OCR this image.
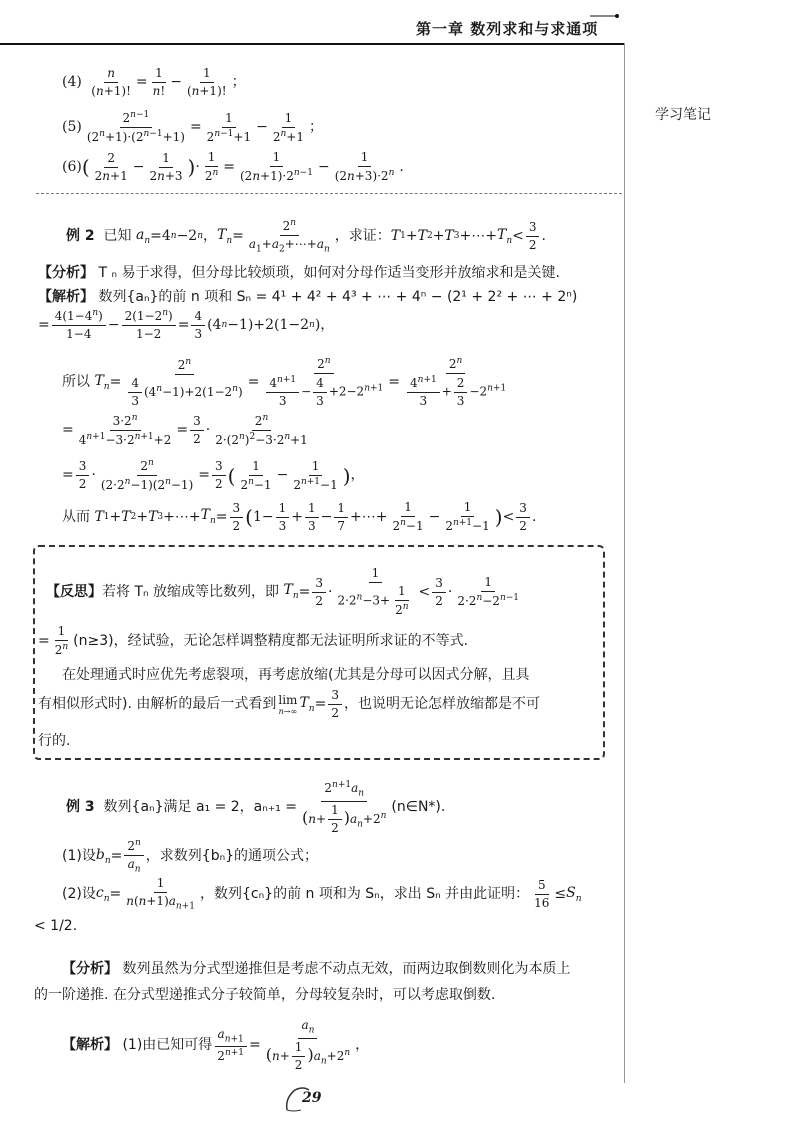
第一章 数列求和与求通项
学习笔记
(4)
$\frac{n}{(n+1)!} = \frac{1}{n!} - \frac{1}{(n+1)!}$ ；
$(5) \frac{2^{n-1}}{(2^n+1)\cdot(2^{n-1}+1)} = \frac{1}{2^{n-1}+1} - \frac{1}{2^n+1}$ ；
(6) ( $\frac{2}{2n+1} - \frac{1}{2n+3}$ ) · $\frac{1}{2^n} = \frac{1}{(2n+1)\cdot 2^{n-1}} - \frac{1}{(2n+3)\cdot 2^n}$ .
例 2
已知
$a_n =4$ n −2 n ， $T_n = \frac{2^n}{a_1+a_2+\cdots+a_n}$ ， 求证： T 1 + T 2 + T 3 +⋯+ $T_n < \frac{3}{2}$ .
【分析】 T ₙ 易于求得，但分母比较烦琐，如何对分母作适当变形并放缩求和是关键.
【解析】 数列{aₙ}的前 n 项和 Sₙ = 4¹ + 4² + 4³ + ⋯ + 4ⁿ − (2¹ + 2² + ⋯ + 2ⁿ)
= $\frac{4(1-4^n)}{1-4} - \frac{2(1-2^n)}{1-2} = \frac{4}{3} (4$ n −1)+2(1−2 n )，
所以
$T_n = \frac{2^n}{\frac{4}{3} (4^n-1)+2(1-2^n)} = \frac{2^n}{\frac{4^{n+1}}{3} - \frac{4}{3} +2-2^{n+1}} = \frac{2^n}{\frac{4^{n+1}}{3} + \frac{2}{3} -2^{n+1}}$
= $\frac{3\cdot 2^n}{4^{n+1}-3\cdot 2^{n+1}+2} = \frac{3}{2} \cdot \frac{2^n}{2\cdot(2^n)^2-3\cdot 2^n+1}$
= $\frac{3}{2} \cdot \frac{2^n}{(2\cdot 2^n-1)(2^n-1)} = \frac{3}{2}$ ( $\frac{1}{2^n-1} - \frac{1}{2^{n+1}-1}$ ) ，
从而
T 1 + T 2 + T 3 +⋯+ $T_n = \frac{3}{2}$ ( $1- \frac{1}{3} + \frac{1}{3} - \frac{1}{7}$ +⋯+ $\frac{1}{2^n-1} - \frac{1}{2^{n+1}-1}$ ) < $\frac{3}{2}$ .
【反思】 若将 Tₙ 放缩成等比数列，即
$T_n = \frac{3}{2} \cdot \frac{1}{2\cdot 2^n-3+ \frac{1}{2^n}} < \frac{3}{2} \cdot \frac{1}{2\cdot 2^n-2^{n-1}}$
= $\frac{1}{2^n} (n\ge 3)$，经试验，无论怎样调整精度都无法证明所求证的不等式.
在处理通式时应优先考虑裂项，再考虑放缩(尤其是分母可以因式分解，且具
有相似形式时). 由解析的最后一式看到 lim
n→∞
$T_n = \frac{3}{2}$ ，也说明无论怎样放缩都是不可
行的.
例 3
数列{aₙ}满足 a₁ = 2，$a_{n+1} = \frac{2^{n+1}a_n}{(n+ \frac{1}{2} )a_n+2^n}$ (n∈N*).
(1)设 $b_n = \frac{2^n}{a_n}$ ，求数列{bₙ}的通项公式；
(2)设 $c_n = \frac{1}{n(n+1)a_{n+1}}$ ，数列{cₙ}的前 n 项和为 Sₙ，求出 Sₙ 并由此证明： $\frac{5}{16} \le S_n$
< 1/2.
【分析】 数列虽然为分式型递推但是考虑不动点无效，而两边取倒数则化为本质上
的一阶递推. 在分式型递推式分子较简单，分母较复杂时，可以考虑取倒数.
【解析】
(1)由已知可得 $\frac{a_{n+1}}{2^{n+1}} = \frac{a_n}{(n+ \frac{1}{2} )a_n+2^n}$ ，
29
